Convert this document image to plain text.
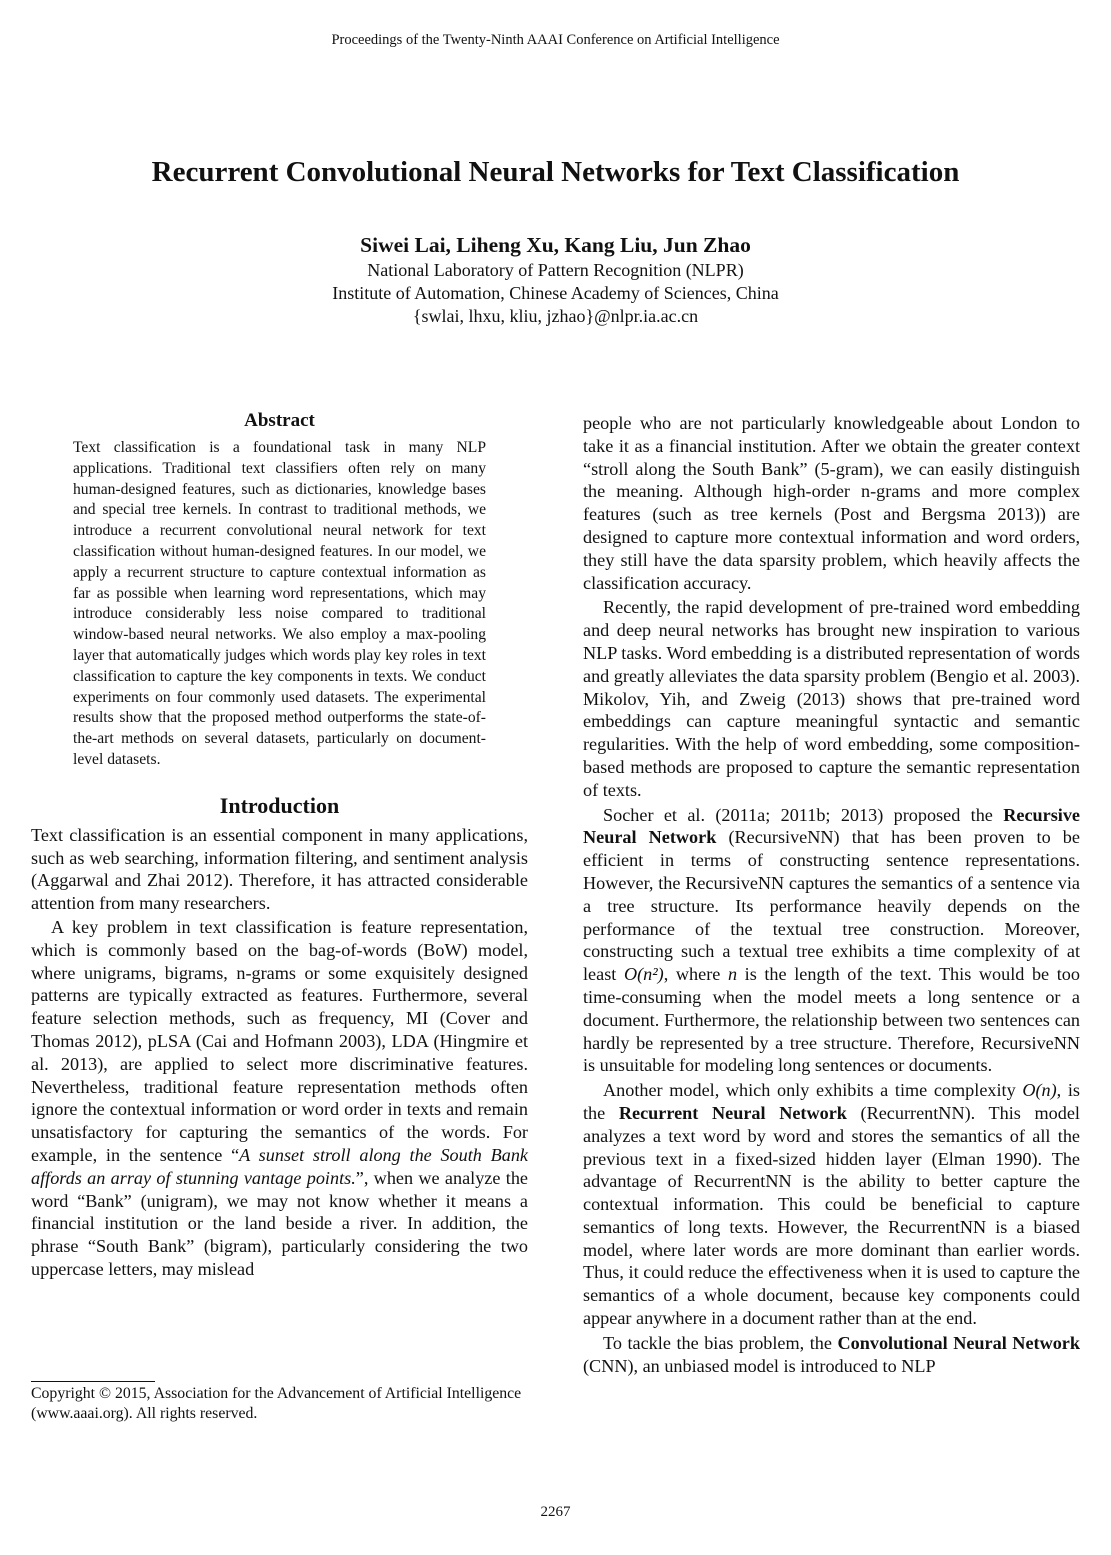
Proceedings of the Twenty-Ninth AAAI Conference on Artificial Intelligence
Recurrent Convolutional Neural Networks for Text Classification
Siwei Lai, Liheng Xu, Kang Liu, Jun Zhao
National Laboratory of Pattern Recognition (NLPR)
Institute of Automation, Chinese Academy of Sciences, China
{swlai, lhxu, kliu, jzhao}@nlpr.ia.ac.cn
Abstract
Text classification is a foundational task in many NLP applications. Traditional text classifiers often rely on many human-designed features, such as dictionaries, knowledge bases and special tree kernels. In contrast to traditional methods, we introduce a recurrent convolutional neural network for text classification without human-designed features. In our model, we apply a recurrent structure to capture contextual information as far as possible when learning word representations, which may introduce considerably less noise compared to traditional window-based neural networks. We also employ a max-pooling layer that automatically judges which words play key roles in text classification to capture the key components in texts. We conduct experiments on four commonly used datasets. The experimental results show that the proposed method outperforms the state-of-the-art methods on several datasets, particularly on document-level datasets.
Introduction

Text classification is an essential component in many applications, such as web searching, information filtering, and sentiment analysis (Aggarwal and Zhai 2012). Therefore, it has attracted considerable attention from many researchers.

A key problem in text classification is feature representation, which is commonly based on the bag-of-words (BoW) model, where unigrams, bigrams, n-grams or some exquisitely designed patterns are typically extracted as features. Furthermore, several feature selection methods, such as frequency, MI (Cover and Thomas 2012), pLSA (Cai and Hofmann 2003), LDA (Hingmire et al. 2013), are applied to select more discriminative features. Nevertheless, traditional feature representation methods often ignore the contextual information or word order in texts and remain unsatisfactory for capturing the semantics of the words. For example, in the sentence “A sunset stroll along the South Bank affords an array of stunning vantage points.”, when we analyze the word “Bank” (unigram), we may not know whether it means a financial institution or the land beside a river. In addition, the phrase “South Bank” (bigram), particularly considering the two uppercase letters, may mislead

people who are not particularly knowledgeable about London to take it as a financial institution. After we obtain the greater context “stroll along the South Bank” (5-gram), we can easily distinguish the meaning. Although high-order n-grams and more complex features (such as tree kernels (Post and Bergsma 2013)) are designed to capture more contextual information and word orders, they still have the data sparsity problem, which heavily affects the classification accuracy.

Recently, the rapid development of pre-trained word embedding and deep neural networks has brought new inspiration to various NLP tasks. Word embedding is a distributed representation of words and greatly alleviates the data sparsity problem (Bengio et al. 2003). Mikolov, Yih, and Zweig (2013) shows that pre-trained word embeddings can capture meaningful syntactic and semantic regularities. With the help of word embedding, some composition-based methods are proposed to capture the semantic representation of texts.

Socher et al. (2011a; 2011b; 2013) proposed the Recursive Neural Network (RecursiveNN) that has been proven to be efficient in terms of constructing sentence representations. However, the RecursiveNN captures the semantics of a sentence via a tree structure. Its performance heavily depends on the performance of the textual tree construction. Moreover, constructing such a textual tree exhibits a time complexity of at least O(n²), where n is the length of the text. This would be too time-consuming when the model meets a long sentence or a document. Furthermore, the relationship between two sentences can hardly be represented by a tree structure. Therefore, RecursiveNN is unsuitable for modeling long sentences or documents.

Another model, which only exhibits a time complexity O(n), is the Recurrent Neural Network (RecurrentNN). This model analyzes a text word by word and stores the semantics of all the previous text in a fixed-sized hidden layer (Elman 1990). The advantage of RecurrentNN is the ability to better capture the contextual information. This could be beneficial to capture semantics of long texts. However, the RecurrentNN is a biased model, where later words are more dominant than earlier words. Thus, it could reduce the effectiveness when it is used to capture the semantics of a whole document, because key components could appear anywhere in a document rather than at the end.

To tackle the bias problem, the Convolutional Neural Network (CNN), an unbiased model is introduced to NLP

Copyright © 2015, Association for the Advancement of Artificial Intelligence (www.aaai.org). All rights reserved.
2267
